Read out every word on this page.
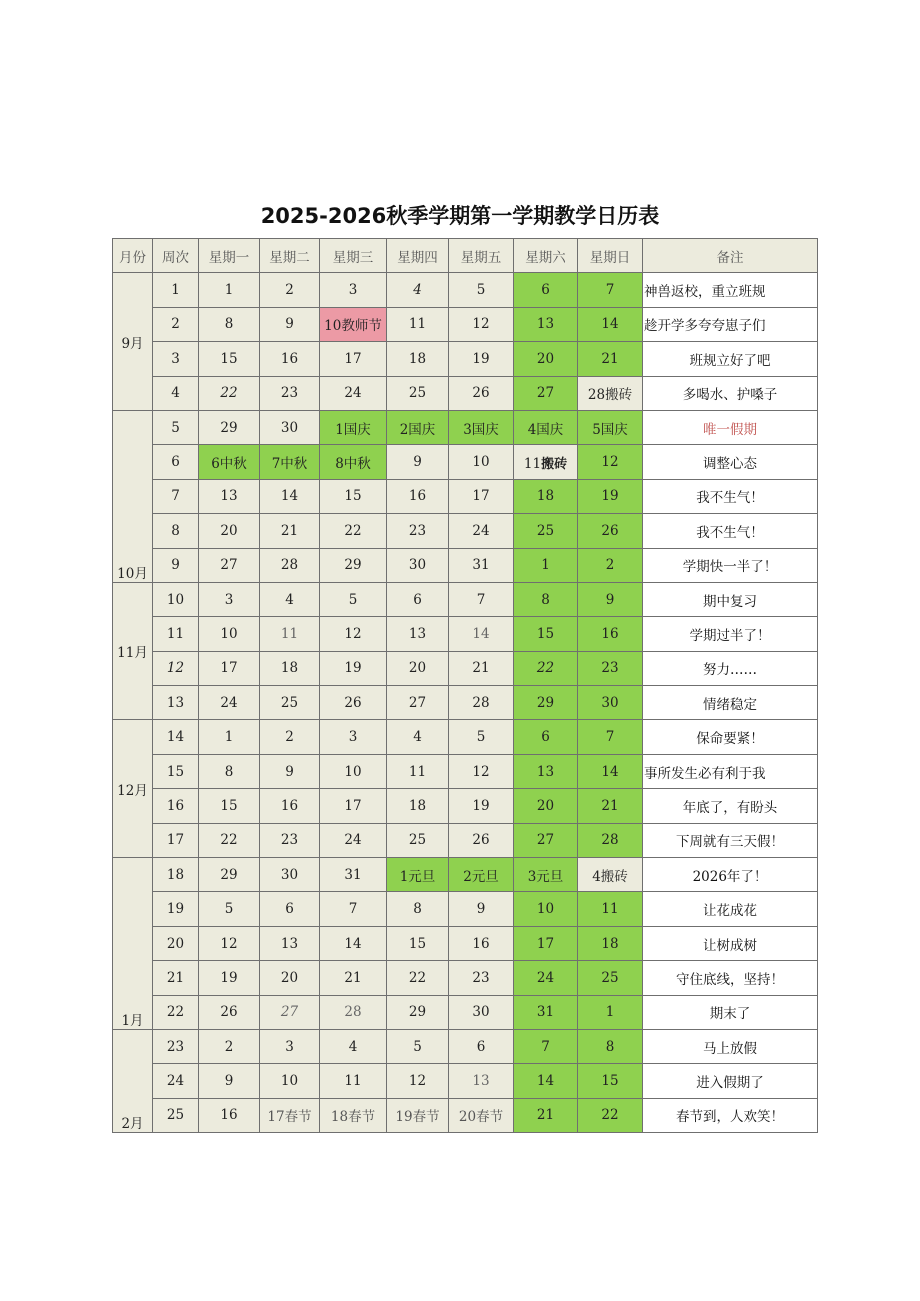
2025-2026秋季学期第一学期教学日历表
月份	周次	星期一	星期二	星期三	星期四	星期五	星期六	星期日	备注
9月	1	1	2	3	4	5	6	7	神兽返校，重立班规
	2	8	9	10教师节	11	12	13	14	趁开学多夸夸崽子们
	3	15	16	17	18	19	20	21	班规立好了吧
	4	22	23	24	25	26	27	28搬砖	多喝水、护嗓子
10月	5	29	30	1国庆	2国庆	3国庆	4国庆	5国庆	唯一假期
	6	6中秋	7中秋	8中秋	9	10	11搬砖	12	调整心态
	7	13	14	15	16	17	18	19	我不生气！
	8	20	21	22	23	24	25	26	我不生气！
	9	27	28	29	30	31	1	2	学期快一半了！
11月	10	3	4	5	6	7	8	9	期中复习
	11	10	11	12	13	14	15	16	学期过半了！
	12	17	18	19	20	21	22	23	努力……
	13	24	25	26	27	28	29	30	情绪稳定
12月	14	1	2	3	4	5	6	7	保命要紧！
	15	8	9	10	11	12	13	14	事所发生必有利于我
	16	15	16	17	18	19	20	21	年底了，有盼头
	17	22	23	24	25	26	27	28	下周就有三天假！
1月	18	29	30	31	1元旦	2元旦	3元旦	4搬砖	2026年了！
	19	5	6	7	8	9	10	11	让花成花
	20	12	13	14	15	16	17	18	让树成树
	21	19	20	21	22	23	24	25	守住底线，坚持！
	22	26	27	28	29	30	31	1	期末了
2月	23	2	3	4	5	6	7	8	马上放假
	24	9	10	11	12	13	14	15	进入假期了
	25	16	17春节	18春节	19春节	20春节	21	22	春节到，人欢笑！
